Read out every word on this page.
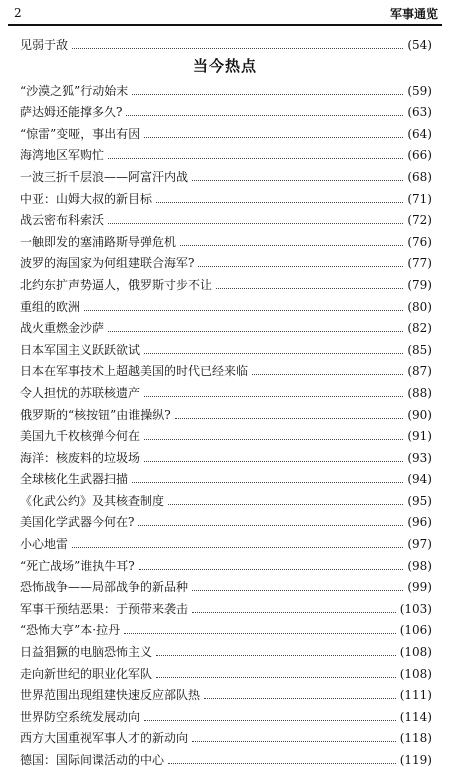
2	军事通览
见弱于敌	(54)
当今热点
“沙漠之狐”行动始末	(59)
萨达姆还能撑多久?	(63)
“惊雷”变哑，事出有因	(64)
海湾地区军购忙	(66)
一波三折千层浪——阿富汗内战	(68)
中亚：山姆大叔的新目标	(71)
战云密布科索沃	(72)
一触即发的塞浦路斯导弹危机	(76)
波罗的海国家为何组建联合海军?	(77)
北约东扩声势逼人，俄罗斯寸步不让	(79)
重组的欧洲	(80)
战火重燃金沙萨	(82)
日本军国主义跃跃欲试	(85)
日本在军事技术上超越美国的时代已经来临	(87)
令人担忧的苏联核遗产	(88)
俄罗斯的“核按钮”由谁操纵?	(90)
美国九千枚核弹今何在	(91)
海洋：核废料的垃圾场	(93)
全球核化生武器扫描	(94)
《化武公约》及其核查制度	(95)
美国化学武器今何在?	(96)
小心地雷	(97)
“死亡战场”谁执牛耳?	(98)
恐怖战争——局部战争的新品种	(99)
军事干预结恶果：于预带来袭击	(103)
“恐怖大亨”本·拉丹	(106)
日益猖獗的电脑恐怖主义	(108)
走向新世纪的职业化军队	(108)
世界范围出现组建快速反应部队热	(111)
世界防空系统发展动向	(114)
西方大国重视军事人才的新动向	(118)
德国：国际间谍活动的中心	(119)
